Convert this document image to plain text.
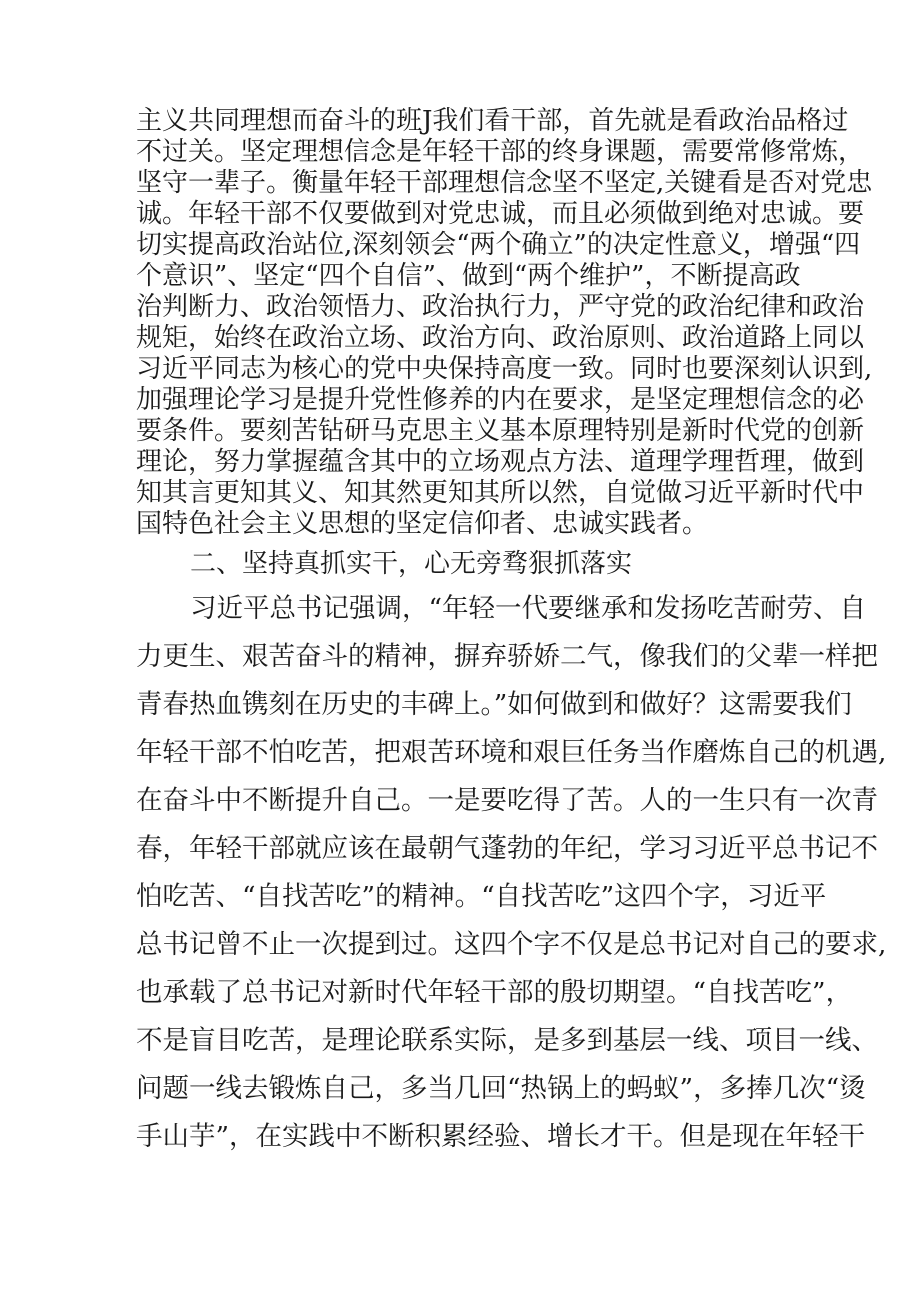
主义共同理想而奋斗的班J我们看干部，首先就是看政治品格过
不过关。坚定理想信念是年轻干部的终身课题，需要常修常炼，
坚守一辈子。衡量年轻干部理想信念坚不坚定,关键看是否对党忠
诚。年轻干部不仅要做到对党忠诚，而且必须做到绝对忠诚。要
切实提高政治站位,深刻领会“两个确立”的决定性意义，增强“四
个意识”、坚定“四个自信”、做到“两个维护”，不断提高政
治判断力、政治领悟力、政治执行力，严守党的政治纪律和政治
规矩，始终在政治立场、政治方向、政治原则、政治道路上同以
习近平同志为核心的党中央保持高度一致。同时也要深刻认识到,
加强理论学习是提升党性修养的内在要求，是坚定理想信念的必
要条件。要刻苦钻研马克思主义基本原理特别是新时代党的创新
理论，努力掌握蕴含其中的立场观点方法、道理学理哲理，做到
知其言更知其义、知其然更知其所以然，自觉做习近平新时代中
国特色社会主义思想的坚定信仰者、忠诚实践者。
二、坚持真抓实干，心无旁骛狠抓落实
习近平总书记强调，“年轻一代要继承和发扬吃苦耐劳、自
力更生、艰苦奋斗的精神，摒弃骄娇二气，像我们的父辈一样把
青春热血镌刻在历史的丰碑上。”如何做到和做好？这需要我们
年轻干部不怕吃苦，把艰苦环境和艰巨任务当作磨炼自己的机遇,
在奋斗中不断提升自己。一是要吃得了苦。人的一生只有一次青
春，年轻干部就应该在最朝气蓬勃的年纪，学习习近平总书记不
怕吃苦、“自找苦吃”的精神。“自找苦吃”这四个字，习近平
总书记曾不止一次提到过。这四个字不仅是总书记对自己的要求,
也承载了总书记对新时代年轻干部的殷切期望。“自找苦吃”，
不是盲目吃苦，是理论联系实际，是多到基层一线、项目一线、
问题一线去锻炼自己，多当几回“热锅上的蚂蚁”，多捧几次“烫
手山芋”，在实践中不断积累经验、增长才干。但是现在年轻干
